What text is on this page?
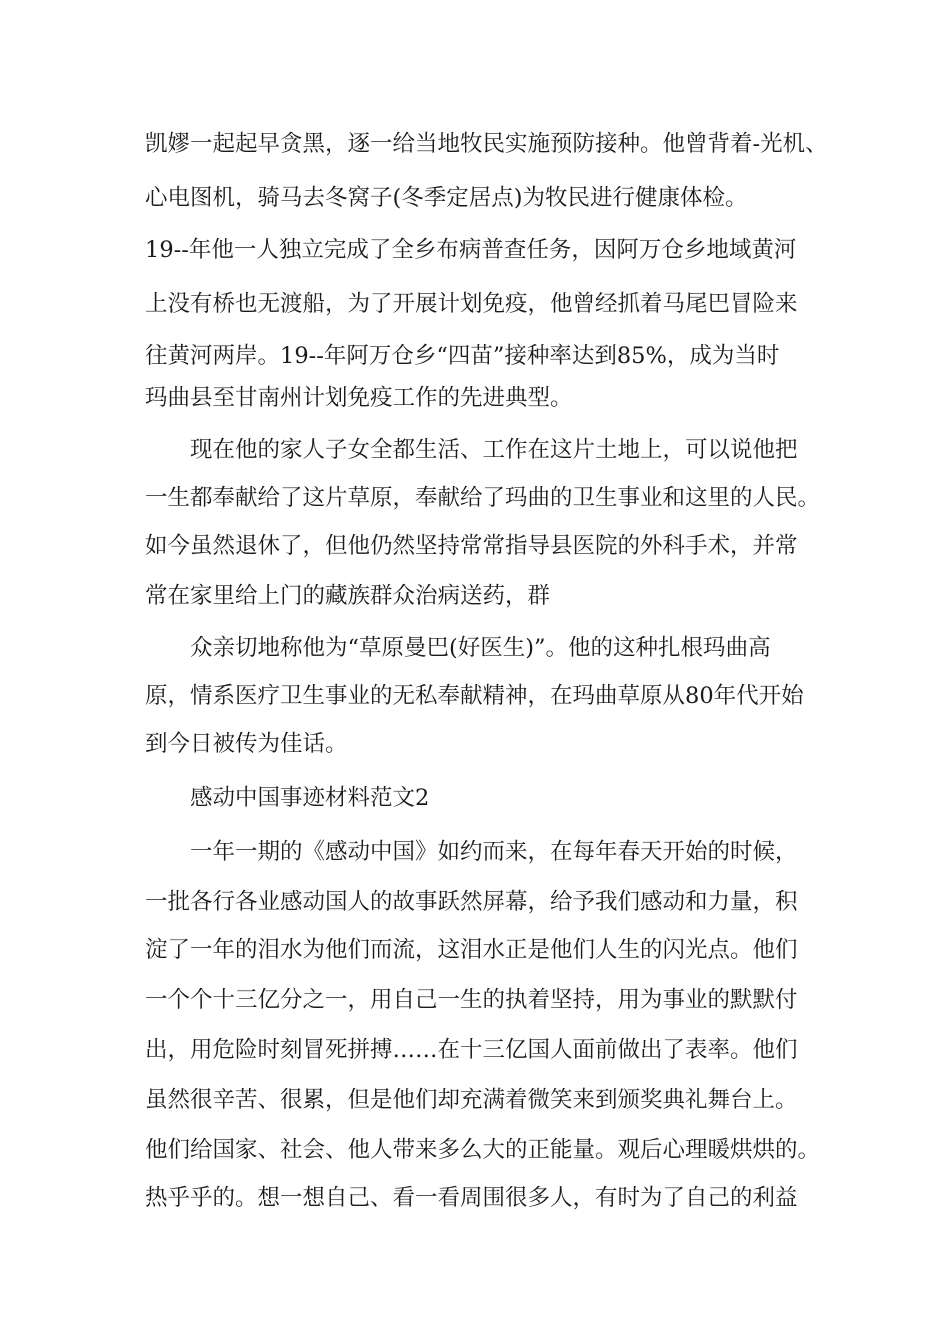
凯嫪一起起早贪黑，逐一给当地牧民实施预防接种。他曾背着-光机、
心电图机，骑马去冬窝子(冬季定居点)为牧民进行健康体检。
19--年他一人独立完成了全乡布病普查任务，因阿万仓乡地域黄河
上没有桥也无渡船，为了开展计划免疫，他曾经抓着马尾巴冒险来
往黄河两岸。19--年阿万仓乡“四苗”接种率达到85%，成为当时
玛曲县至甘南州计划免疫工作的先进典型。
现在他的家人子女全都生活、工作在这片土地上，可以说他把
一生都奉献给了这片草原，奉献给了玛曲的卫生事业和这里的人民。
如今虽然退休了，但他仍然坚持常常指导县医院的外科手术，并常
常在家里给上门的藏族群众治病送药，群
众亲切地称他为“草原曼巴(好医生)”。他的这种扎根玛曲高
原，情系医疗卫生事业的无私奉献精神，在玛曲草原从80年代开始
到今日被传为佳话。
感动中国事迹材料范文2
一年一期的《感动中国》如约而来，在每年春天开始的时候，
一批各行各业感动国人的故事跃然屏幕，给予我们感动和力量，积
淀了一年的泪水为他们而流，这泪水正是他们人生的闪光点。他们
一个个十三亿分之一，用自己一生的执着坚持，用为事业的默默付
出，用危险时刻冒死拼搏……在十三亿国人面前做出了表率。他们
虽然很辛苦、很累，但是他们却充满着微笑来到颁奖典礼舞台上。
他们给国家、社会、他人带来多么大的正能量。观后心理暖烘烘的。
热乎乎的。想一想自己、看一看周围很多人，有时为了自己的利益
